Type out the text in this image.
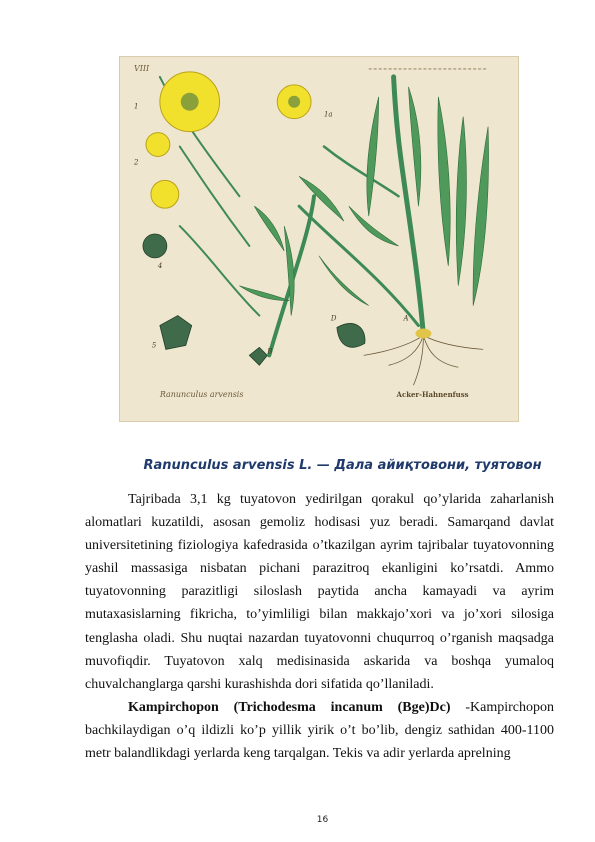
VIII
1
1a
2
4
5
A
B
D
Ranunculus arvensis	Acker-Hahnenfuss
Ranunculus arvensis L. — Дала айиқтовони, туятовон

Tajribada 3,1 kg tuyatovon yedirilgan qorakul qo’ylarida zaharlanish alomatlari kuzatildi, asosan gemoliz hodisasi yuz beradi. Samarqand davlat universitetining fiziologiya kafedrasida o’tkazilgan ayrim tajribalar tuyatovonning yashil massasiga nisbatan pichani parazitroq ekanligini ko’rsatdi. Ammo tuyatovonning parazitligi siloslash paytida ancha kamayadi va ayrim mutaxasislarning fikricha, to’yimliligi bilan makkajo’xori va jo’xori silosiga tenglasha oladi. Shu nuqtai nazardan tuyatovonni chuqurroq o’rganish maqsadga muvofiqdir. Tuyatovon xalq medisinasida askarida va boshqa yumaloq chuvalchanglarga qarshi kurashishda dori sifatida qo’llaniladi.

Kampirchopon (Trichodesma incanum (Bge)Dc) -Kampirchopon bachkilaydigan o’q ildizli ko’p yillik yirik o’t bo’lib, dengiz sathidan 400-1100 metr balandlikdagi yerlarda keng tarqalgan. Tekis va adir yerlarda aprelning

16
